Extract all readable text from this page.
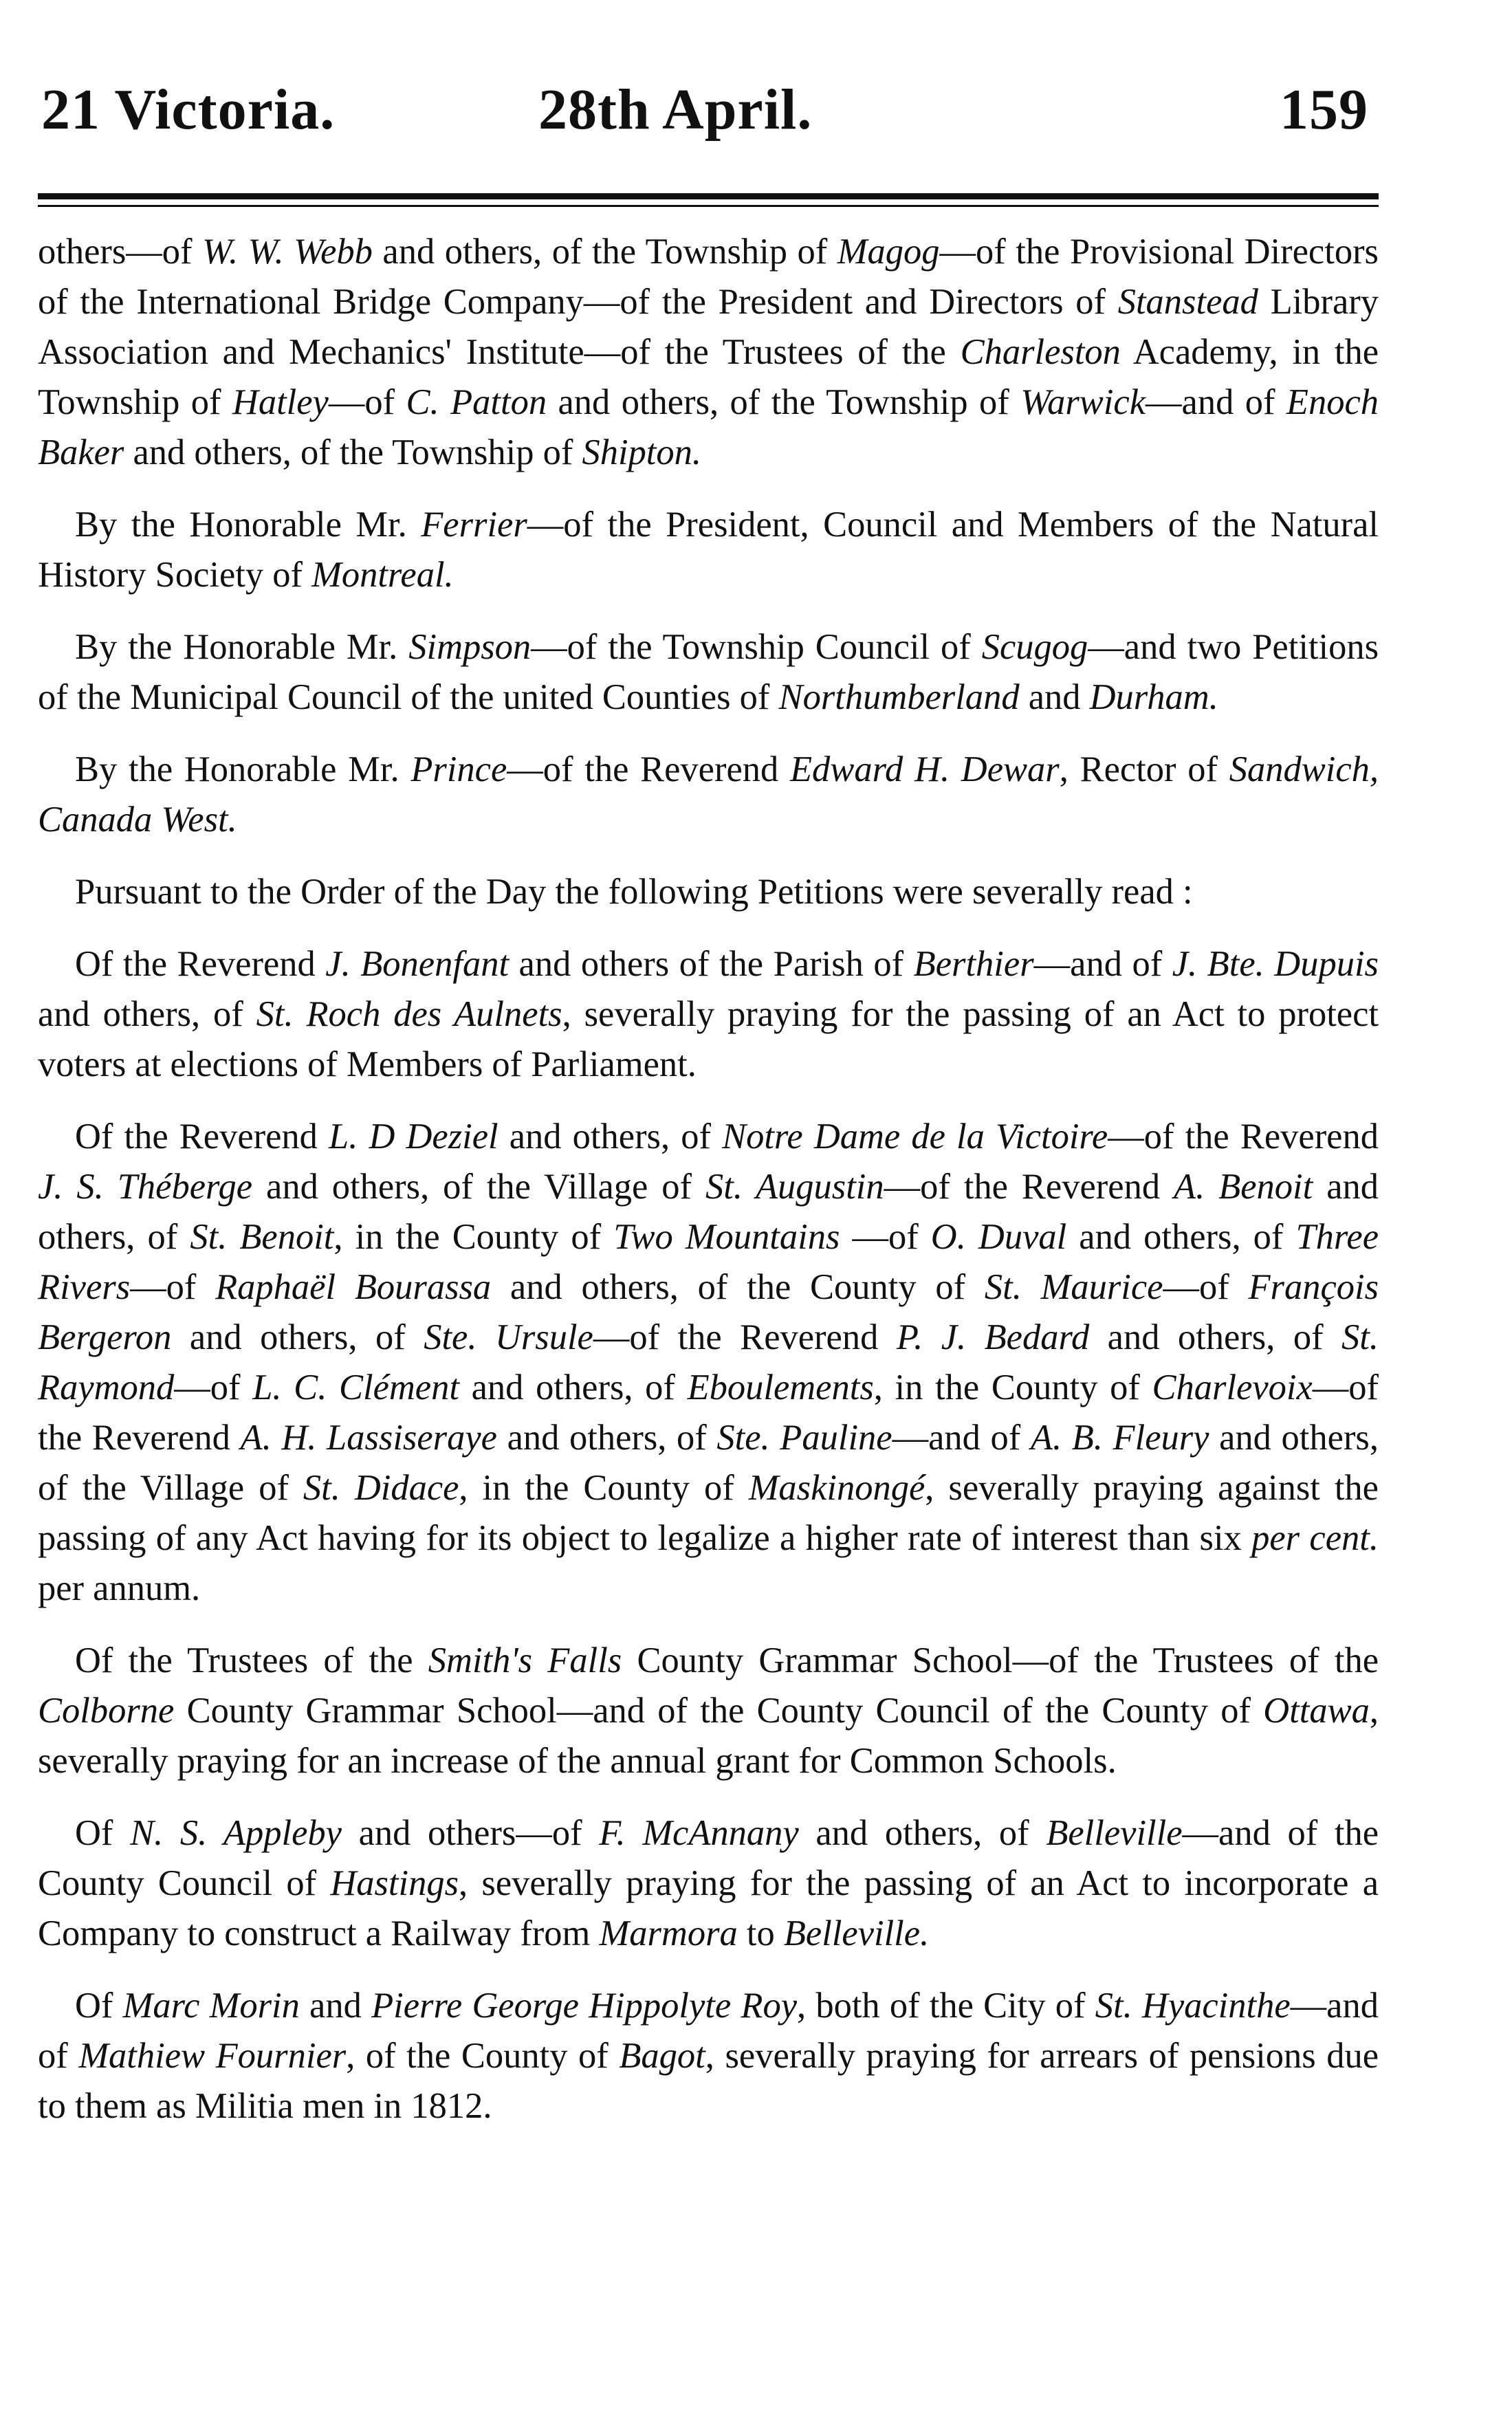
21 Victoria.	28th April.	159

others—of W. W. Webb and others, of the Township of Magog—of the Provisional Directors of the International Bridge Company—of the President and Directors of Stanstead Library Association and Mechanics' Institute—of the Trustees of the Charleston Academy, in the Township of Hatley—of C. Patton and others, of the Township of Warwick—and of Enoch Baker and others, of the Township of Shipton.

By the Honorable Mr. Ferrier—of the President, Council and Members of the Natural History Society of Montreal.

By the Honorable Mr. Simpson—of the Township Council of Scugog—and two Petitions of the Municipal Council of the united Counties of Northumberland and Durham.

By the Honorable Mr. Prince—of the Reverend Edward H. Dewar, Rector of Sandwich, Canada West.

Pursuant to the Order of the Day the following Petitions were severally read :

Of the Reverend J. Bonenfant and others of the Parish of Berthier—and of J. Bte. Dupuis and others, of St. Roch des Aulnets, severally praying for the passing of an Act to protect voters at elections of Members of Parliament.

Of the Reverend L. D Deziel and others, of Notre Dame de la Victoire—of the Reverend J. S. Théberge and others, of the Village of St. Augustin—of the Reverend A. Benoit and others, of St. Benoit, in the County of Two Mountains —of O. Duval and others, of Three Rivers—of Raphaël Bourassa and others, of the County of St. Maurice—of François Bergeron and others, of Ste. Ursule—of the Reverend P. J. Bedard and others, of St. Raymond—of L. C. Clément and others, of Eboulements, in the County of Charlevoix—of the Reverend A. H. Lassiseraye and others, of Ste. Pauline—and of A. B. Fleury and others, of the Village of St. Didace, in the County of Maskinongé, severally praying against the passing of any Act having for its object to legalize a higher rate of interest than six per cent. per annum.

Of the Trustees of the Smith's Falls County Grammar School—of the Trustees of the Colborne County Grammar School—and of the County Council of the County of Ottawa, severally praying for an increase of the annual grant for Common Schools.

Of N. S. Appleby and others—of F. McAnnany and others, of Belleville—and of the County Council of Hastings, severally praying for the passing of an Act to incorporate a Company to construct a Railway from Marmora to Belleville.

Of Marc Morin and Pierre George Hippolyte Roy, both of the City of St. Hyacinthe—and of Mathiew Fournier, of the County of Bagot, severally praying for arrears of pensions due to them as Militia men in 1812.
